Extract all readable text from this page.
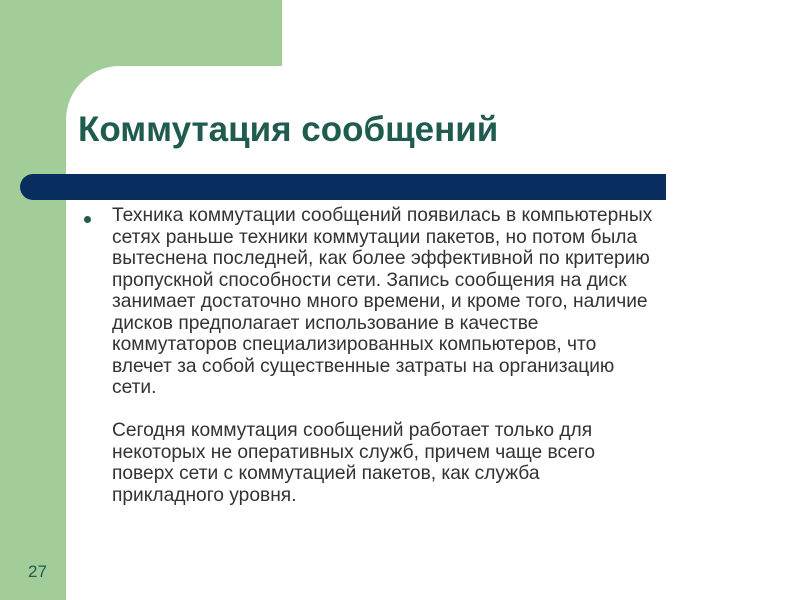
Коммутация сообщений
Техника коммутации сообщений появилась в компьютерных
сетях раньше техники коммутации пакетов, но потом была
вытеснена последней, как более эффективной по критерию
пропускной способности сети. Запись сообщения на диск
занимает достаточно много времени, и кроме того, наличие
дисков предполагает использование в качестве
коммутаторов специализированных компьютеров, что
влечет за собой существенные затраты на организацию
сети.
Сегодня коммутация сообщений работает только для
некоторых не оперативных служб, причем чаще всего
поверх сети с коммутацией пакетов, как служба
прикладного уровня.
27
